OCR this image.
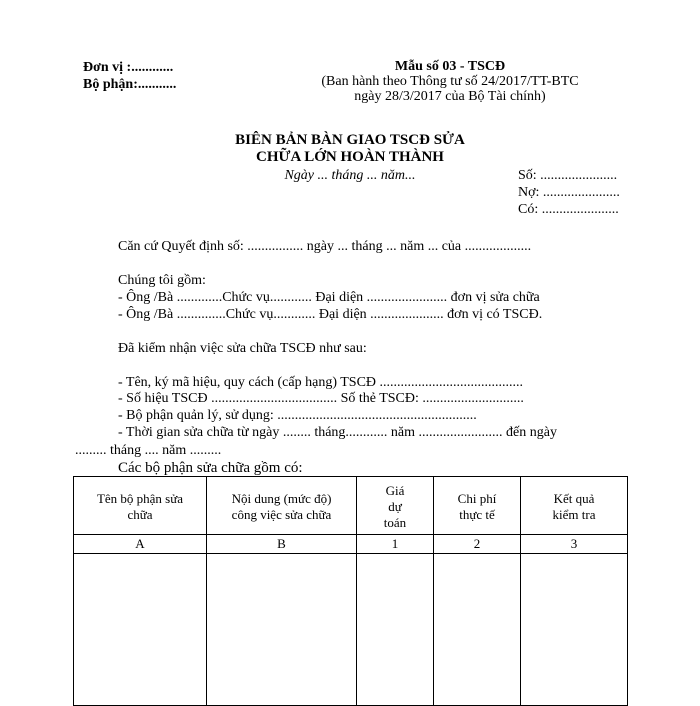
Đơn vị :............
Bộ phận:...........
Mẫu số 03 - TSCĐ
(Ban hành theo Thông tư số 24/2017/TT-BTC
ngày 28/3/2017 của Bộ Tài chính)
BIÊN BẢN BÀN GIAO TSCĐ SỬA
CHỮA LỚN HOÀN THÀNH
Ngày ... tháng ... năm...	Số: ......................
Nợ: ......................
Có: ......................
Căn cứ Quyết định số: ................ ngày ... tháng ... năm ... của ...................
Chúng tôi gồm:
- Ông /Bà .............Chức vụ............ Đại diện ....................... đơn vị sửa chữa
- Ông /Bà ..............Chức vụ............ Đại diện ..................... đơn vị có TSCĐ.
Đã kiểm nhận việc sửa chữa TSCĐ như sau:
- Tên, ký mã hiệu, quy cách (cấp hạng) TSCĐ .........................................
- Số hiệu TSCĐ .................................... Số thẻ TSCĐ: .............................
- Bộ phận quản lý, sử dụng: .........................................................
- Thời gian sửa chữa từ ngày ........ tháng............ năm ........................ đến ngày
......... tháng .... năm .........
Các bộ phận sửa chữa gồm có:
Tên bộ phận sửa chữa	Nội dung (mức độ) công việc sửa chữa	Giá dự toán	Chi phí thực tế	Kết quả kiểm tra
A	B	1	2	3
